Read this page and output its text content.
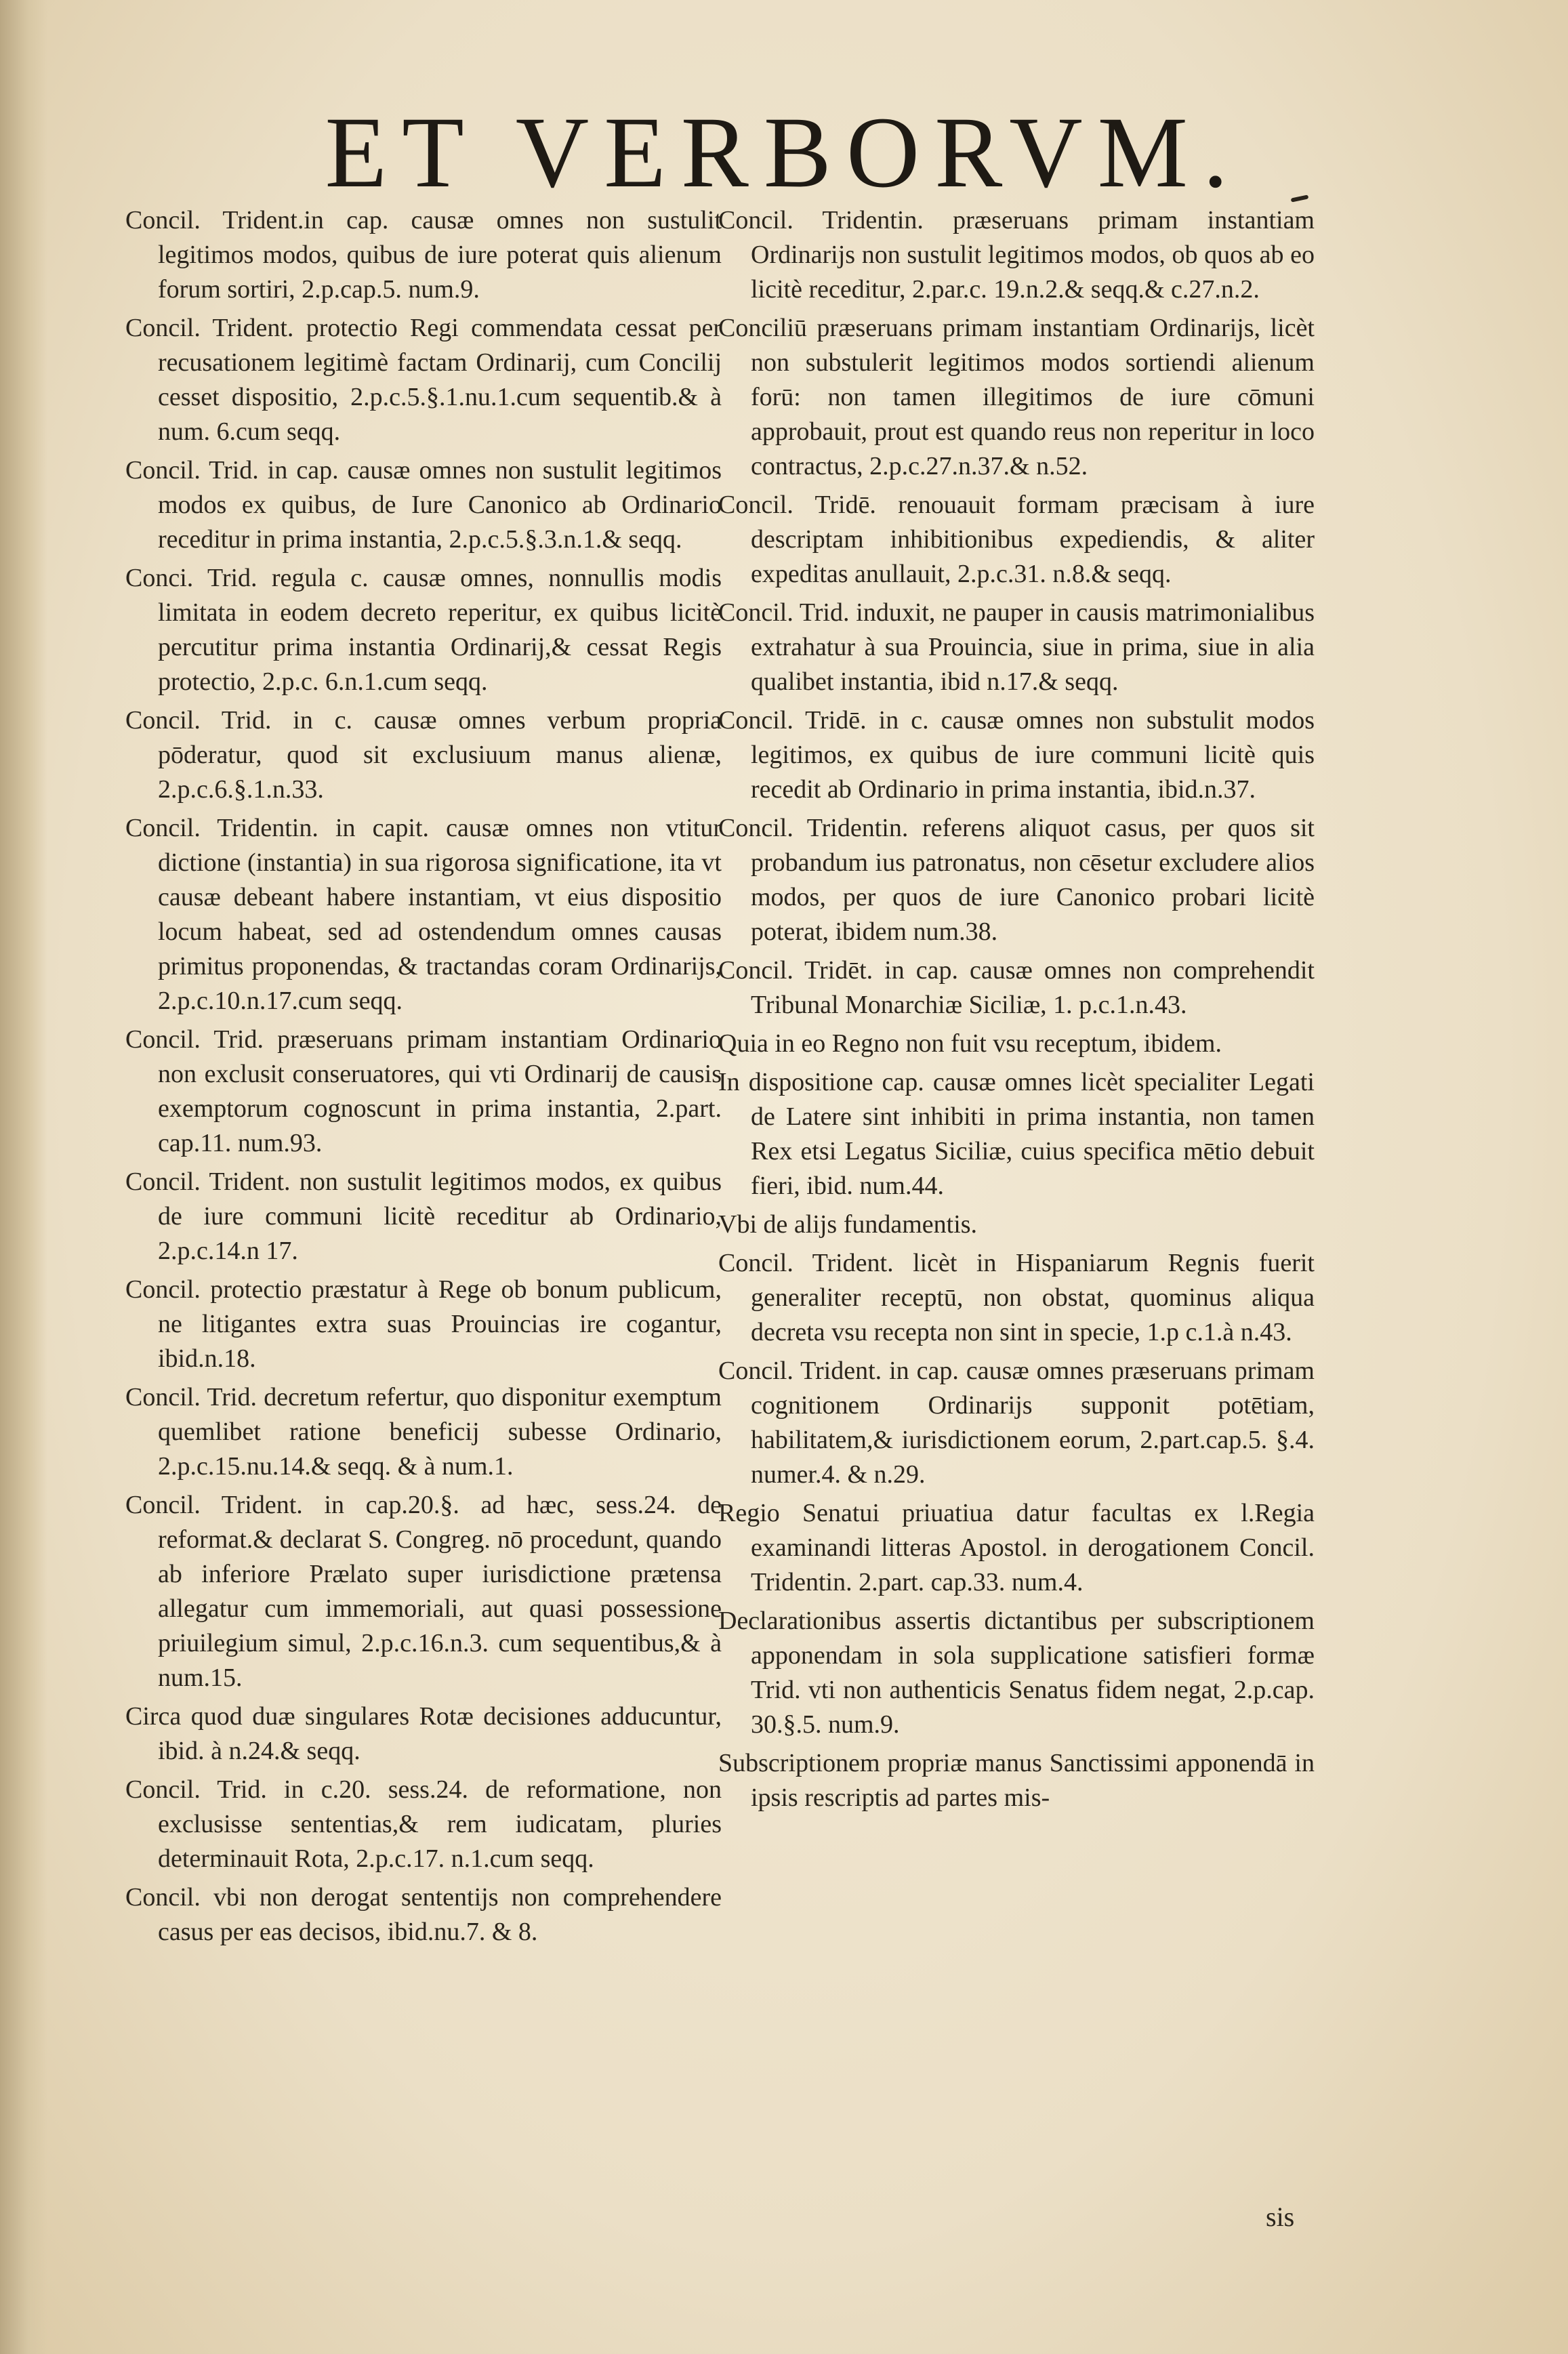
ET VERBORVM.

Concil. Trident.in cap. causæ omnes non sustulit legitimos modos, quibus de iure poterat quis alienum forum sortiri, 2.p.cap.5. num.9.

Concil. Trident. protectio Regi commendata cessat per recusationem legitimè factam Ordinarij, cum Concilij cesset dispositio, 2.p.c.5.§.1.nu.1.cum sequentib.& à num. 6.cum seqq.

Concil. Trid. in cap. causæ omnes non sustulit legitimos modos ex quibus, de Iure Canonico ab Ordinario receditur in prima instantia, 2.p.c.5.§.3.n.1.& seqq.

Conci. Trid. regula c. causæ omnes, nonnullis modis limitata in eodem decreto reperitur, ex quibus licitè percutitur prima instantia Ordinarij,& cessat Regis protectio, 2.p.c. 6.n.1.cum seqq.

Concil. Trid. in c. causæ omnes verbum propria pōderatur, quod sit exclusiuum manus alienæ, 2.p.c.6.§.1.n.33.

Concil. Tridentin. in capit. causæ omnes non vtitur dictione (instantia) in sua rigorosa significatione, ita vt causæ debeant habere instantiam, vt eius dispositio locum habeat, sed ad ostendendum omnes causas primitus proponendas, & tractandas coram Ordinarijs, 2.p.c.10.n.17.cum seqq.

Concil. Trid. præseruans primam instantiam Ordinario non exclusit conseruatores, qui vti Ordinarij de causis exemptorum cognoscunt in prima instantia, 2.part. cap.11. num.93.

Concil. Trident. non sustulit legitimos modos, ex quibus de iure communi licitè receditur ab Ordinario, 2.p.c.14.n 17.

Concil. protectio præstatur à Rege ob bonum publicum, ne litigantes extra suas Prouincias ire cogantur, ibid.n.18.

Concil. Trid. decretum refertur, quo disponitur exemptum quemlibet ratione beneficij subesse Ordinario, 2.p.c.15.nu.14.& seqq. & à num.1.

Concil. Trident. in cap.20.§. ad hæc, sess.24. de reformat.& declarat S. Congreg. nō procedunt, quando ab inferiore Prælato super iurisdictione prætensa allegatur cum immemoriali, aut quasi possessione priuilegium simul, 2.p.c.16.n.3. cum sequentibus,& à num.15.

Circa quod duæ singulares Rotæ decisiones adducuntur, ibid. à n.24.& seqq.

Concil. Trid. in c.20. sess.24. de reformatione, non exclusisse sententias,& rem iudicatam, pluries determinauit Rota, 2.p.c.17. n.1.cum seqq.

Concil. vbi non derogat sententijs non comprehendere casus per eas decisos, ibid.nu.7. & 8.

Concil. Tridentin. præseruans primam instantiam Ordinarijs non sustulit legitimos modos, ob quos ab eo licitè receditur, 2.par.c. 19.n.2.& seqq.& c.27.n.2.

Conciliū præseruans primam instantiam Ordinarijs, licèt non substulerit legitimos modos sortiendi alienum forū: non tamen illegitimos de iure cōmuni approbauit, prout est quando reus non reperitur in loco contractus, 2.p.c.27.n.37.& n.52.

Concil. Tridē. renouauit formam præcisam à iure descriptam inhibitionibus expediendis, & aliter expeditas anullauit, 2.p.c.31. n.8.& seqq.

Concil. Trid. induxit, ne pauper in causis matrimonialibus extrahatur à sua Prouincia, siue in prima, siue in alia qualibet instantia, ibid n.17.& seqq.

Concil. Tridē. in c. causæ omnes non substulit modos legitimos, ex quibus de iure communi licitè quis recedit ab Ordinario in prima instantia, ibid.n.37.

Concil. Tridentin. referens aliquot casus, per quos sit probandum ius patronatus, non cēsetur excludere alios modos, per quos de iure Canonico probari licitè poterat, ibidem num.38.

Concil. Tridēt. in cap. causæ omnes non comprehendit Tribunal Monarchiæ Siciliæ, 1. p.c.1.n.43.

Quia in eo Regno non fuit vsu receptum, ibidem.

In dispositione cap. causæ omnes licèt specialiter Legati de Latere sint inhibiti in prima instantia, non tamen Rex etsi Legatus Siciliæ, cuius specifica mētio debuit fieri, ibid. num.44.

Vbi de alijs fundamentis.

Concil. Trident. licèt in Hispaniarum Regnis fuerit generaliter receptū, non obstat, quominus aliqua decreta vsu recepta non sint in specie, 1.p c.1.à n.43.

Concil. Trident. in cap. causæ omnes præseruans primam cognitionem Ordinarijs supponit potētiam, habilitatem,& iurisdictionem eorum, 2.part.cap.5. §.4. numer.4. & n.29.

Regio Senatui priuatiua datur facultas ex l.Regia examinandi litteras Apostol. in derogationem Concil. Tridentin. 2.part. cap.33. num.4.

Declarationibus assertis dictantibus per subscriptionem apponendam in sola supplicatione satisfieri formæ Trid. vti non authenticis Senatus fidem negat, 2.p.cap. 30.§.5. num.9.

Subscriptionem propriæ manus Sanctissimi apponendā in ipsis rescriptis ad partes mis-

sis
